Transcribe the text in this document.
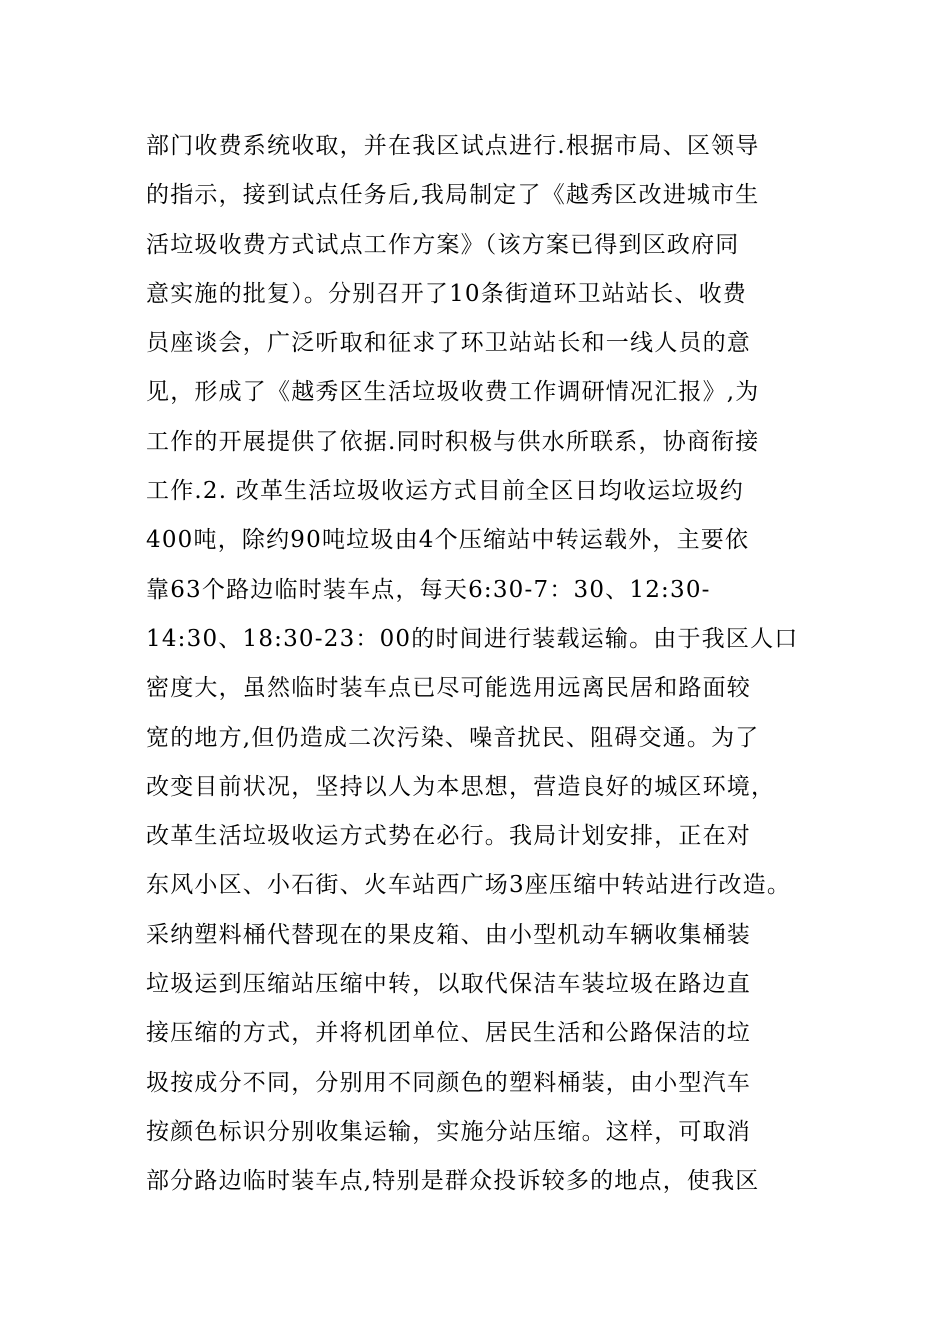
部门收费系统收取，并在我区试点进行.根据市局、区领导
的指示，接到试点任务后,我局制定了《越秀区改进城市生
活垃圾收费方式试点工作方案》（该方案已得到区政府同
意实施的批复）。分别召开了10条街道环卫站站长、收费
员座谈会，广泛听取和征求了环卫站站长和一线人员的意
见，形成了《越秀区生活垃圾收费工作调研情况汇报》,为
工作的开展提供了依据.同时积极与供水所联系，协商衔接
工作.2. 改革生活垃圾收运方式目前全区日均收运垃圾约
400吨，除约90吨垃圾由4个压缩站中转运载外，主要依
靠63个路边临时装车点，每天6:30-7：30、12:30-
14:30、18:30-23：00的时间进行装载运输。由于我区人口
密度大，虽然临时装车点已尽可能选用远离民居和路面较
宽的地方,但仍造成二次污染、噪音扰民、阻碍交通。为了
改变目前状况，坚持以人为本思想，营造良好的城区环境，
改革生活垃圾收运方式势在必行。我局计划安排，正在对
东风小区、小石街、火车站西广场3座压缩中转站进行改造。
采纳塑料桶代替现在的果皮箱、由小型机动车辆收集桶装
垃圾运到压缩站压缩中转，以取代保洁车装垃圾在路边直
接压缩的方式，并将机团单位、居民生活和公路保洁的垃
圾按成分不同，分别用不同颜色的塑料桶装，由小型汽车
按颜色标识分别收集运输，实施分站压缩。这样，可取消
部分路边临时装车点,特别是群众投诉较多的地点，使我区
